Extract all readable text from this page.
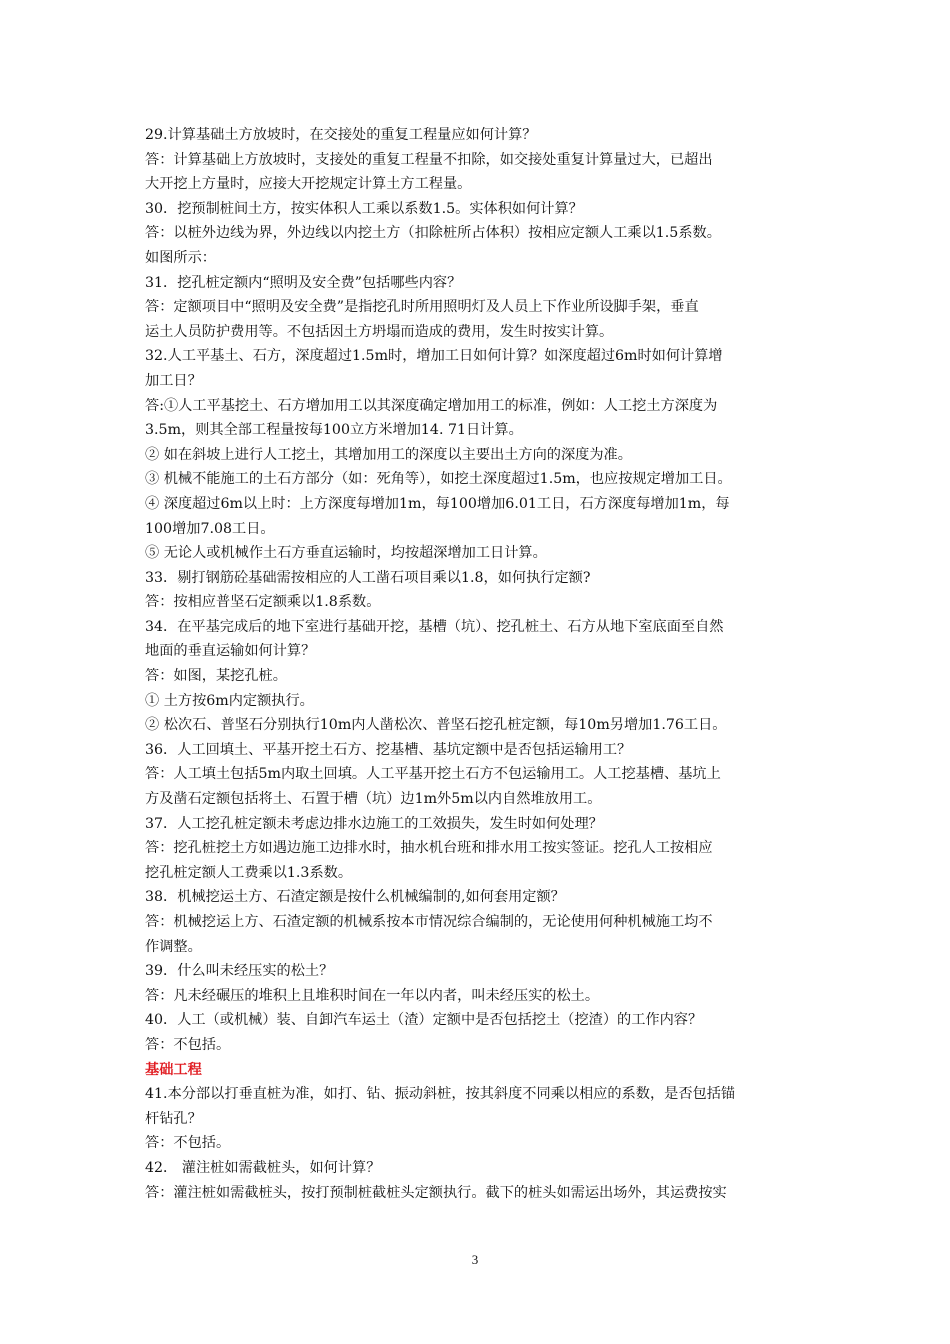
29.计算基础土方放坡时，在交接处的重复工程量应如何计算？
答：计算基础上方放坡时，支接处的重复工程量不扣除，如交接处重复计算量过大，已超出
大开挖上方量时，应接大开挖规定计算土方工程量。
30．挖预制桩间土方，按实体积人工乘以系数1.5。实体积如何计算？
答：以桩外边线为界，外边线以内挖土方（扣除桩所占体积）按相应定额人工乘以1.5系数。
如图所示：
31．挖孔桩定额内“照明及安全费”包括哪些内容？
答：定额项目中“照明及安全费”是指挖孔时所用照明灯及人员上下作业所设脚手架，垂直
运土人员防护费用等。不包括因土方坍塌而造成的费用，发生时按实计算。
32.人工平基土、石方，深度超过1.5m时，增加工日如何计算？如深度超过6m时如何计算增
加工日？
答:①人工平基挖土、石方增加用工以其深度确定增加用工的标准，例如：人工挖土方深度为
3.5m，则其全部工程量按每100立方米增加14. 71日计算。
② 如在斜坡上进行人工挖土，其增加用工的深度以主要出土方向的深度为准。
③ 机械不能施工的土石方部分（如：死角等），如挖土深度超过1.5m，也应按规定增加工日。
④ 深度超过6m以上时：上方深度每增加1m，每100增加6.01工日，石方深度每增加1m，每
100增加7.08工日。
⑤ 无论人或机械作土石方垂直运输时，均按超深增加工日计算。
33．剔打钢筋砼基础需按相应的人工凿石项目乘以1.8，如何执行定额?
答：按相应普坚石定额乘以1.8系数。
34．在平基完成后的地下室进行基础开挖，基槽（坑）、挖孔桩土、石方从地下室底面至自然
地面的垂直运输如何计算？
答：如图，某挖孔桩。
① 土方按6m内定额执行。
② 松次石、普坚石分别执行10m内人凿松次、普坚石挖孔桩定额，每10m另增加1.76工日。
36．人工回填土、平基开挖土石方、挖基槽、基坑定额中是否包括运输用工？
答：人工填土包括5m内取土回填。人工平基开挖土石方不包运输用工。人工挖基槽、基坑上
方及凿石定额包括将土、石置于槽（坑）边1m外5m以内自然堆放用工。
37．人工挖孔桩定额未考虑边排水边施工的工效损失，发生时如何处理？
答：挖孔桩挖土方如遇边施工边排水时，抽水机台班和排水用工按实签证。挖孔人工按相应
挖孔桩定额人工费乘以1.3系数。
38．机械挖运土方、石渣定额是按什么机械编制的,如何套用定额？
答：机械挖运上方、石渣定额的机械系按本市情况综合编制的，无论使用何种机械施工均不
作调整。
39．什么叫未经压实的松土？
答：凡未经碾压的堆积上且堆积时间在一年以内者，叫未经压实的松土。
40．人工（或机械）装、自卸汽车运土（渣）定额中是否包括挖土（挖渣）的工作内容？
答：不包括。
基础工程
41.本分部以打垂直桩为准，如打、钻、振动斜桩，按其斜度不同乘以相应的系数，是否包括锚
杆钻孔？
答：不包括。
42． 灌注桩如需截桩头，如何计算？
答：灌注桩如需截桩头，按打预制桩截桩头定额执行。截下的桩头如需运出场外，其运费按实
3
